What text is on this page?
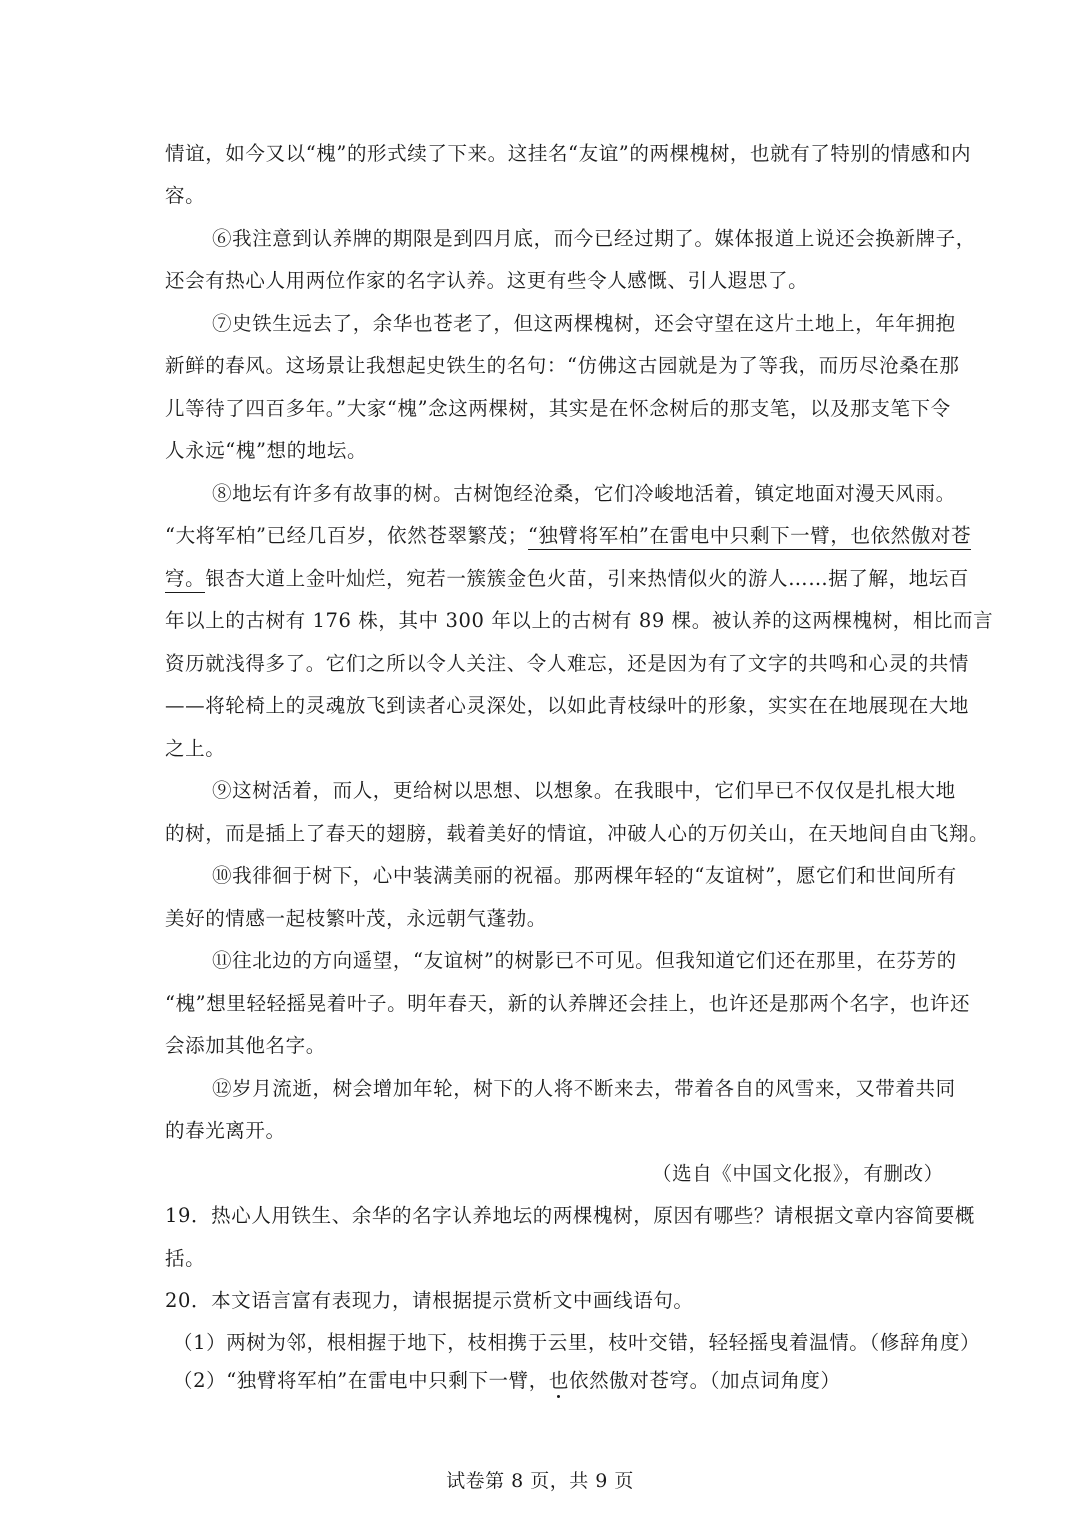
情谊，如今又以“槐”的形式续了下来。这挂名“友谊”的两棵槐树，也就有了特别的情感和内
容。
⑥我注意到认养牌的期限是到四月底，而今已经过期了。媒体报道上说还会换新牌子，
还会有热心人用两位作家的名字认养。这更有些令人感慨、引人遐思了。
⑦史铁生远去了，余华也苍老了，但这两棵槐树，还会守望在这片土地上，年年拥抱
新鲜的春风。这场景让我想起史铁生的名句：“仿佛这古园就是为了等我，而历尽沧桑在那
儿等待了四百多年。”大家“槐”念这两棵树，其实是在怀念树后的那支笔，以及那支笔下令
人永远“槐”想的地坛。
⑧地坛有许多有故事的树。古树饱经沧桑，它们冷峻地活着，镇定地面对漫天风雨。
“大将军柏”已经几百岁，依然苍翠繁茂；“独臂将军柏”在雷电中只剩下一臂，也依然傲对苍
穹。银杏大道上金叶灿烂，宛若一簇簇金色火苗，引来热情似火的游人……据了解，地坛百
年以上的古树有 176 株，其中 300 年以上的古树有 89 棵。被认养的这两棵槐树，相比而言
资历就浅得多了。它们之所以令人关注、令人难忘，还是因为有了文字的共鸣和心灵的共情
——将轮椅上的灵魂放飞到读者心灵深处，以如此青枝绿叶的形象，实实在在地展现在大地
之上。
⑨这树活着，而人，更给树以思想、以想象。在我眼中，它们早已不仅仅是扎根大地
的树，而是插上了春天的翅膀，载着美好的情谊，冲破人心的万仞关山，在天地间自由飞翔。
⑩我徘徊于树下，心中装满美丽的祝福。那两棵年轻的“友谊树”，愿它们和世间所有
美好的情感一起枝繁叶茂，永远朝气蓬勃。
⑪往北边的方向遥望，“友谊树”的树影已不可见。但我知道它们还在那里，在芬芳的
“槐”想里轻轻摇晃着叶子。明年春天，新的认养牌还会挂上，也许还是那两个名字，也许还
会添加其他名字。
⑫岁月流逝，树会增加年轮，树下的人将不断来去，带着各自的风雪来，又带着共同
的春光离开。
（选自《中国文化报》，有删改）
19．热心人用铁生、余华的名字认养地坛的两棵槐树，原因有哪些？请根据文章内容简要概
括。
20．本文语言富有表现力，请根据提示赏析文中画线语句。
（1）两树为邻，根相握于地下，枝相携于云里，枝叶交错，轻轻摇曳着温情。（修辞角度）
（2）“独臂将军柏”在雷电中只剩下一臂，也依然傲对苍穹。（加点词角度）
试卷第 8 页，共 9 页
